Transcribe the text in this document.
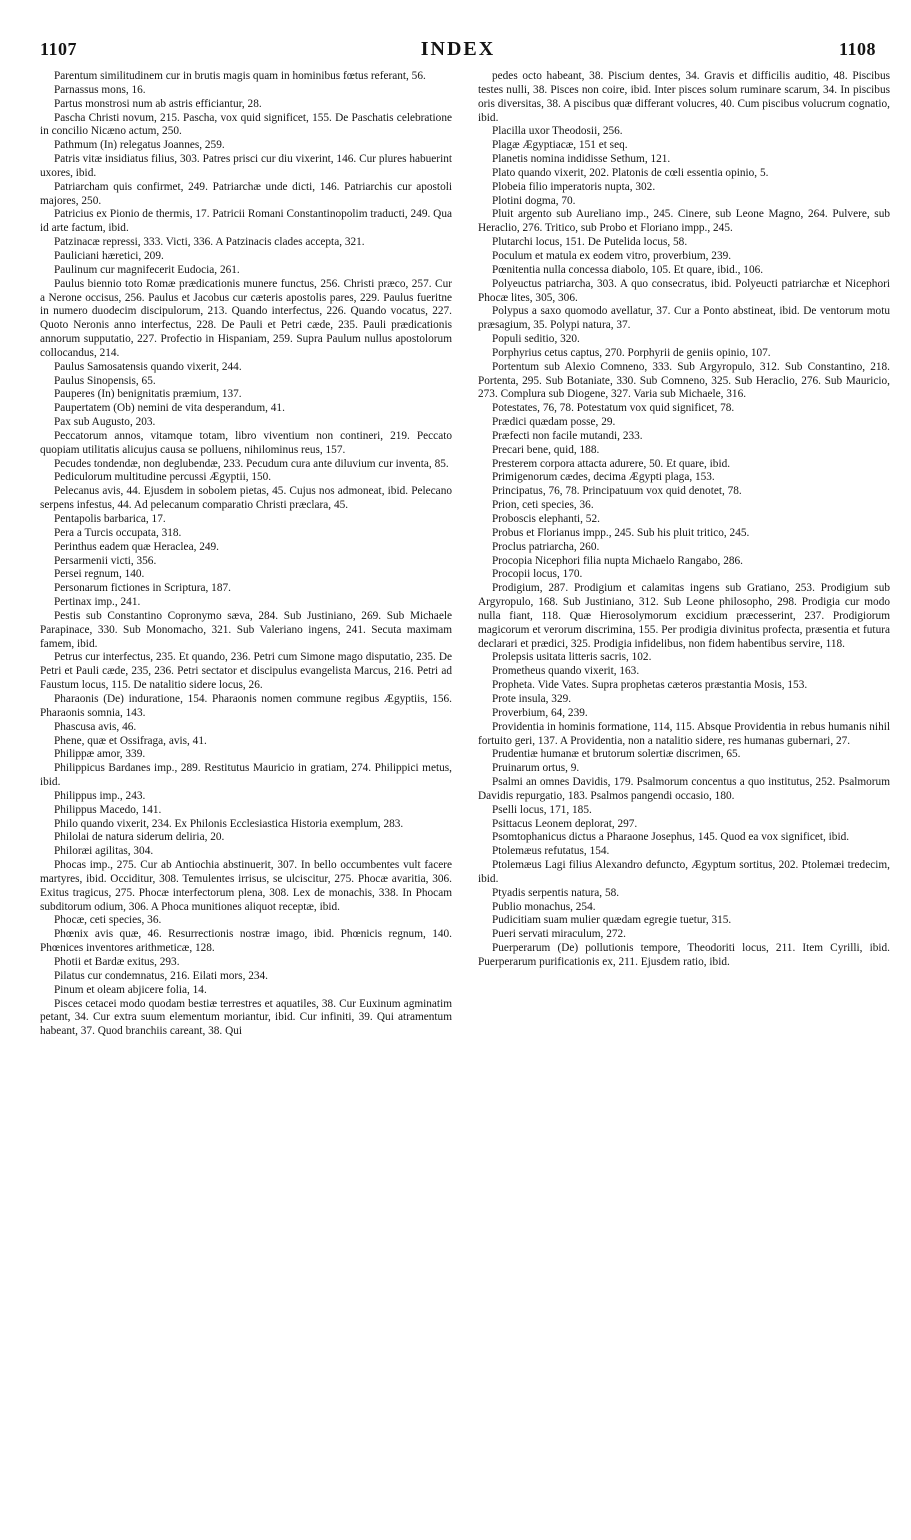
1107	INDEX	1108

Parentum similitudinem cur in brutis magis quam in hominibus fœtus referant, 56.

Parnassus mons, 16.

Partus monstrosi num ab astris efficiantur, 28.

Pascha Christi novum, 215. Pascha, vox quid significet, 155. De Paschatis celebratione in concilio Nicæno actum, 250.

Pathmum (In) relegatus Joannes, 259.

Patris vitæ insidiatus filius, 303. Patres prisci cur diu vixerint, 146. Cur plures habuerint uxores, ibid.

Patriarcham quis confirmet, 249. Patriarchæ unde dicti, 146. Patriarchis cur apostoli majores, 250.

Patricius ex Pionio de thermis, 17. Patricii Romani Constantinopolim traducti, 249. Qua id arte factum, ibid.

Patzinacæ repressi, 333. Victi, 336. A Patzinacis clades accepta, 321.

Pauliciani hæretici, 209.

Paulinum cur magnifecerit Eudocia, 261.

Paulus biennio toto Romæ prædicationis munere functus, 256. Christi præco, 257. Cur a Nerone occisus, 256. Paulus et Jacobus cur cæteris apostolis pares, 229. Paulus fueritne in numero duodecim discipulorum, 213. Quando interfectus, 226. Quando vocatus, 227. Quoto Neronis anno interfectus, 228. De Pauli et Petri cæde, 235. Pauli prædicationis annorum supputatio, 227. Profectio in Hispaniam, 259. Supra Paulum nullus apostolorum collocandus, 214.

Paulus Samosatensis quando vixerit, 244.

Paulus Sinopensis, 65.

Pauperes (In) benignitatis præmium, 137.

Paupertatem (Ob) nemini de vita desperandum, 41.

Pax sub Augusto, 203.

Peccatorum annos, vitamque totam, libro viventium non contineri, 219. Peccato quopiam utilitatis alicujus causa se polluens, nihilominus reus, 157.

Pecudes tondendæ, non deglubendæ, 233. Pecudum cura ante diluvium cur inventa, 85.

Pediculorum multitudine percussi Ægyptii, 150.

Pelecanus avis, 44. Ejusdem in sobolem pietas, 45. Cujus nos admoneat, ibid. Pelecano serpens infestus, 44. Ad pelecanum comparatio Christi præclara, 45.

Pentapolis barbarica, 17.

Pera a Turcis occupata, 318.

Perinthus eadem quæ Heraclea, 249.

Persarmenii victi, 356.

Persei regnum, 140.

Personarum fictiones in Scriptura, 187.

Pertinax imp., 241.

Pestis sub Constantino Copronymo sæva, 284. Sub Justiniano, 269. Sub Michaele Parapinace, 330. Sub Monomacho, 321. Sub Valeriano ingens, 241. Secuta maximam famem, ibid.

Petrus cur interfectus, 235. Et quando, 236. Petri cum Simone mago disputatio, 235. De Petri et Pauli cæde, 235, 236. Petri sectator et discipulus evangelista Marcus, 216. Petri ad Faustum locus, 115. De natalitio sidere locus, 26.

Pharaonis (De) induratione, 154. Pharaonis nomen commune regibus Ægyptiis, 156. Pharaonis somnia, 143.

Phascusa avis, 46.

Phene, quæ et Ossifraga, avis, 41.

Philippæ amor, 339.

Philippicus Bardanes imp., 289. Restitutus Mauricio in gratiam, 274. Philippici metus, ibid.

Philippus imp., 243.

Philippus Macedo, 141.

Philo quando vixerit, 234. Ex Philonis Ecclesiastica Historia exemplum, 283.

Philolai de natura siderum deliria, 20.

Philoræi agilitas, 304.

Phocas imp., 275. Cur ab Antiochia abstinuerit, 307. In bello occumbentes vult facere martyres, ibid. Occiditur, 308. Temulentes irrisus, se ulciscitur, 275. Phocæ avaritia, 306. Exitus tragicus, 275. Phocæ interfectorum plena, 308. Lex de monachis, 338. In Phocam subditorum odium, 306. A Phoca munitiones aliquot receptæ, ibid.

Phocæ, ceti species, 36.

Phœnix avis quæ, 46. Resurrectionis nostræ imago, ibid. Phœnicis regnum, 140. Phœnices inventores arithmeticæ, 128.

Photii et Bardæ exitus, 293.

Pilatus cur condemnatus, 216. Eilati mors, 234.

Pinum et oleam abjicere folia, 14.

Pisces cetacei modo quodam bestiæ terrestres et aquatiles, 38. Cur Euxinum agminatim petant, 34. Cur extra suum elementum moriantur, ibid. Cur infiniti, 39. Qui atramentum habeant, 37. Quod branchiis careant, 38. Qui

pedes octo habeant, 38. Piscium dentes, 34. Gravis et difficilis auditio, 48. Piscibus testes nulli, 38. Pisces non coire, ibid. Inter pisces solum ruminare scarum, 34. In piscibus oris diversitas, 38. A piscibus quæ differant volucres, 40. Cum piscibus volucrum cognatio, ibid.

Placilla uxor Theodosii, 256.

Plagæ Ægyptiacæ, 151 et seq.

Planetis nomina indidisse Sethum, 121.

Plato quando vixerit, 202. Platonis de cœli essentia opinio, 5.

Plobeia filio imperatoris nupta, 302.

Plotini dogma, 70.

Pluit argento sub Aureliano imp., 245. Cinere, sub Leone Magno, 264. Pulvere, sub Heraclio, 276. Tritico, sub Probo et Floriano impp., 245.

Plutarchi locus, 151. De Putelida locus, 58.

Poculum et matula ex eodem vitro, proverbium, 239.

Pœnitentia nulla concessa diabolo, 105. Et quare, ibid., 106.

Polyeuctus patriarcha, 303. A quo consecratus, ibid. Polyeucti patriarchæ et Nicephori Phocæ lites, 305, 306.

Polypus a saxo quomodo avellatur, 37. Cur a Ponto abstineat, ibid. De ventorum motu præsagium, 35. Polypi natura, 37.

Populi seditio, 320.

Porphyrius cetus captus, 270. Porphyrii de geniis opinio, 107.

Portentum sub Alexio Comneno, 333. Sub Argyropulo, 312. Sub Constantino, 218. Portenta, 295. Sub Botaniate, 330. Sub Comneno, 325. Sub Heraclio, 276. Sub Mauricio, 273. Complura sub Diogene, 327. Varia sub Michaele, 316.

Potestates, 76, 78. Potestatum vox quid significet, 78.

Prædici quædam posse, 29.

Præfecti non facile mutandi, 233.

Precari bene, quid, 188.

Presterem corpora attacta adurere, 50. Et quare, ibid.

Primigenorum cædes, decima Ægypti plaga, 153.

Principatus, 76, 78. Principatuum vox quid denotet, 78.

Prion, ceti species, 36.

Proboscis elephanti, 52.

Probus et Florianus impp., 245. Sub his pluit tritico, 245.

Proclus patriarcha, 260.

Procopia Nicephori filia nupta Michaelo Rangabo, 286.

Procopii locus, 170.

Prodigium, 287. Prodigium et calamitas ingens sub Gratiano, 253. Prodigium sub Argyropulo, 168. Sub Justiniano, 312. Sub Leone philosopho, 298. Prodigia cur modo nulla fiant, 118. Quæ Hierosolymorum excidium præcesserint, 237. Prodigiorum magicorum et verorum discrimina, 155. Per prodigia divinitus profecta, præsentia et futura declarari et prædici, 325. Prodigia infidelibus, non fidem habentibus servire, 118.

Prolepsis usitata litteris sacris, 102.

Prometheus quando vixerit, 163.

Propheta. Vide Vates. Supra prophetas cæteros præstantia Mosis, 153.

Prote insula, 329.

Proverbium, 64, 239.

Providentia in hominis formatione, 114, 115. Absque Providentia in rebus humanis nihil fortuito geri, 137. A Providentia, non a natalitio sidere, res humanas gubernari, 27.

Prudentiæ humanæ et brutorum solertiæ discrimen, 65.

Pruinarum ortus, 9.

Psalmi an omnes Davidis, 179. Psalmorum concentus a quo institutus, 252. Psalmorum Davidis repurgatio, 183. Psalmos pangendi occasio, 180.

Pselli locus, 171, 185.

Psittacus Leonem deplorat, 297.

Psomtophanicus dictus a Pharaone Josephus, 145. Quod ea vox significet, ibid.

Ptolemæus refutatus, 154.

Ptolemæus Lagi filius Alexandro defuncto, Ægyptum sortitus, 202. Ptolemæi tredecim, ibid.

Ptyadis serpentis natura, 58.

Publio monachus, 254.

Pudicitiam suam mulier quædam egregie tuetur, 315.

Pueri servati miraculum, 272.

Puerperarum (De) pollutionis tempore, Theodoriti locus, 211. Item Cyrilli, ibid. Puerperarum purificationis ex, 211. Ejusdem ratio, ibid.
